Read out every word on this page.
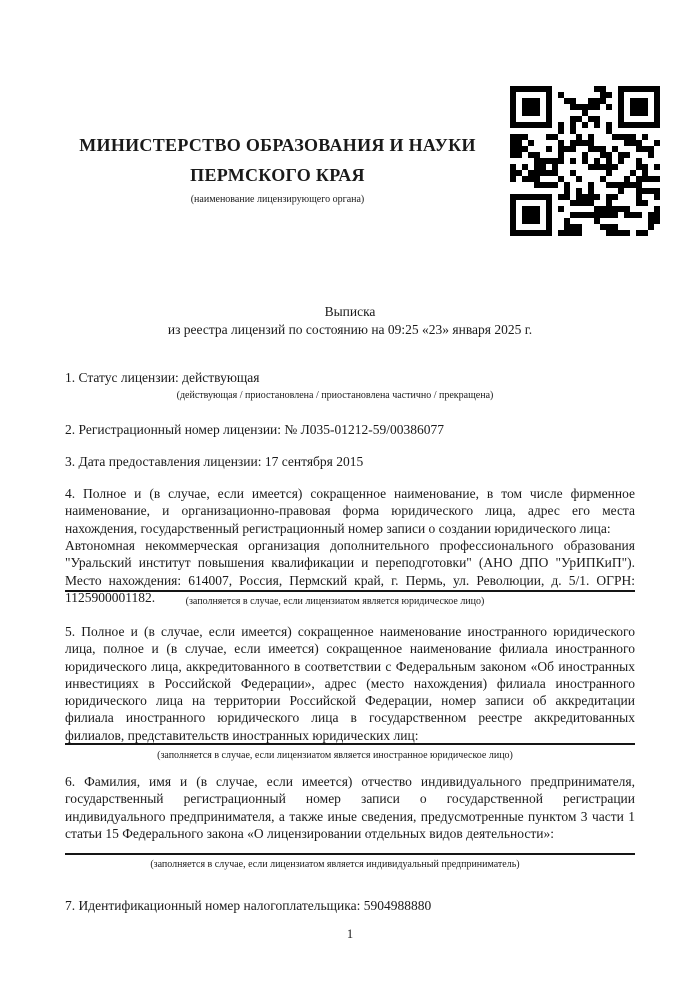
МИНИСТЕРСТВО ОБРАЗОВАНИЯ И НАУКИ
ПЕРМСКОГО КРАЯ
(наименование лицензирующего органа)
Выписка
из реестра лицензий по состоянию на 09:25 «23» января 2025 г.
1. Статус лицензии: действующая
(действующая / приостановлена / приостановлена частично / прекращена)
2. Регистрационный номер лицензии: № Л035-01212-59/00386077
3. Дата предоставления лицензии: 17 сентября 2015
4. Полное и (в случае, если имеется) сокращенное наименование, в том числе фирменное наименование, и организационно-правовая форма юридического лица, адрес его места нахождения, государственный регистрационный номер записи о создании юридического лица:
Автономная некоммерческая организация дополнительного профессионального образования "Уральский институт повышения квалификации и переподготовки" (АНО ДПО "УрИПКиП"). Место нахождения: 614007, Россия, Пермский край, г. Пермь, ул. Революции, д. 5/1. ОГРН: 1125900001182.	(заполняется в случае, если лицензиатом является юридическое лицо)
5. Полное и (в случае, если имеется) сокращенное наименование иностранного юридического лица, полное и (в случае, если имеется) сокращенное наименование филиала иностранного юридического лица, аккредитованного в соответствии с Федеральным законом «Об иностранных инвестициях в Российской Федерации», адрес (место нахождения) филиала иностранного юридического лица на территории Российской Федерации, номер записи об аккредитации филиала иностранного юридического лица в государственном реестре аккредитованных филиалов, представительств иностранных юридических лиц:
(заполняется в случае, если лицензиатом является иностранное юридическое лицо)
6. Фамилия, имя и (в случае, если имеется) отчество индивидуального предпринимателя, государственный регистрационный номер записи о государственной регистрации индивидуального предпринимателя, а также иные сведения, предусмотренные пунктом 3 части 1 статьи 15 Федерального закона «О лицензировании отдельных видов деятельности»:
(заполняется в случае, если лицензиатом является индивидуальный предприниматель)
7. Идентификационный номер налогоплательщика: 5904988880
1
